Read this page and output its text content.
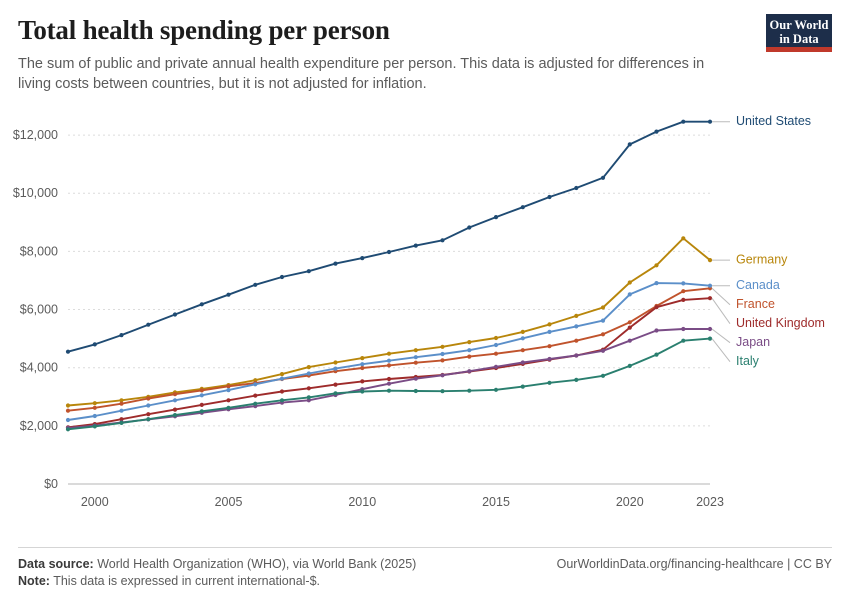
Total health spending per person

The sum of public and private annual health expenditure per person. This data is adjusted for differences in living costs between countries, but it is not adjusted for inflation.

Our World
in Data
$0
$2,000
$4,000
$6,000
$8,000
$10,000
$12,000
2000	2005	2010	2015	2020	2023
United States
Germany
Canada
France
United Kingdom
Japan
Italy
Data source: World Health Organization (WHO), via World Bank (2025)	OurWorldinData.org/financing-healthcare | CC BY
Note: This data is expressed in current international-$.
